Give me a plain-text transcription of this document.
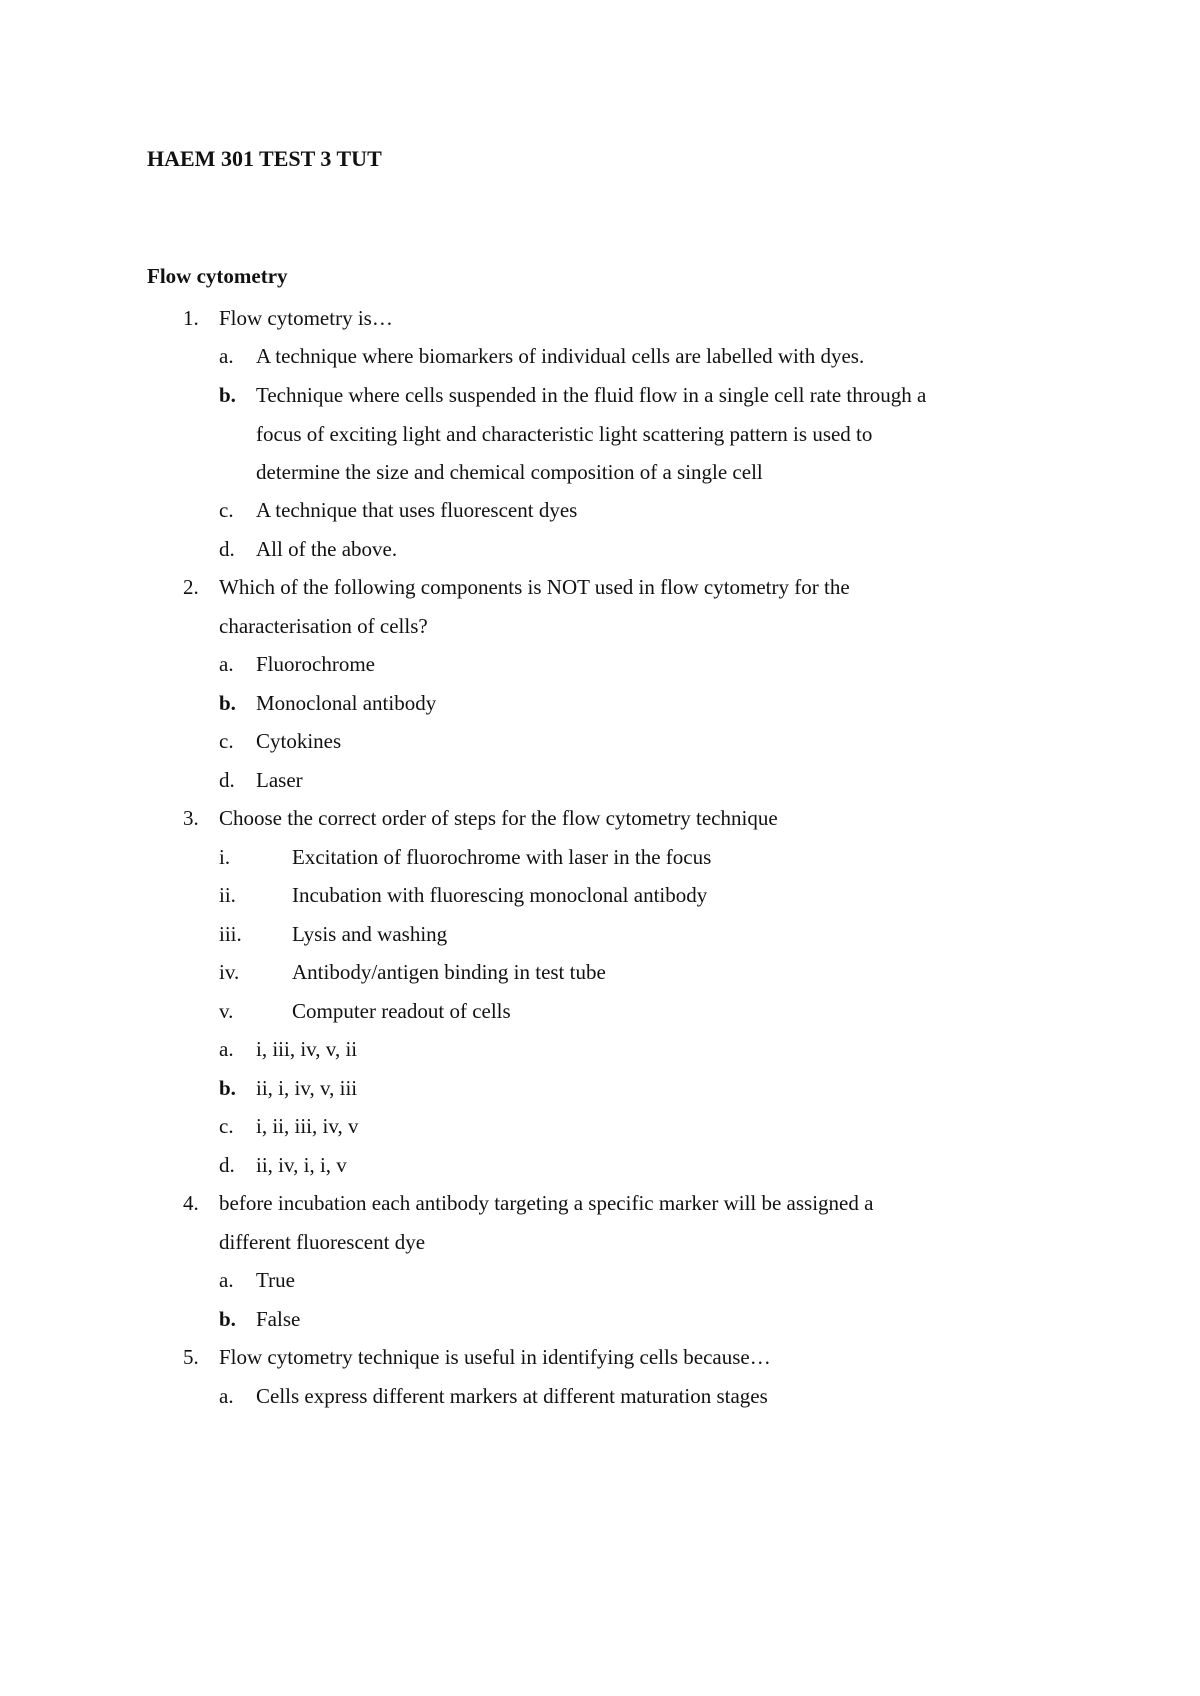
HAEM 301 TEST 3 TUT
Flow cytometry
1. Flow cytometry is…
a.	A technique where biomarkers of individual cells are labelled with dyes.
b. Technique where cells suspended in the fluid flow in a single cell rate through a
focus of exciting light and characteristic light scattering pattern is used to
determine the size and chemical composition of a single cell
c.	A technique that uses fluorescent dyes
d.	All of the above.
2. Which of the following components is NOT used in flow cytometry for the
characterisation of cells?
a.	Fluorochrome
b. Monoclonal antibody
c.	Cytokines
d.	Laser
3. Choose the correct order of steps for the flow cytometry technique
i.	Excitation of fluorochrome with laser in the focus
ii.	Incubation with fluorescing monoclonal antibody
iii.	Lysis and washing
iv.	Antibody/antigen binding in test tube
v.	Computer readout of cells
a.	i, iii, iv, v, ii
b. ii, i, iv, v, iii
c.	i, ii, iii, iv, v
d.	ii, iv, i, i, v
4. before incubation each antibody targeting a specific marker will be assigned a
different fluorescent dye
a.	True
b. False
5. Flow cytometry technique is useful in identifying cells because…
a.	Cells express different markers at different maturation stages
